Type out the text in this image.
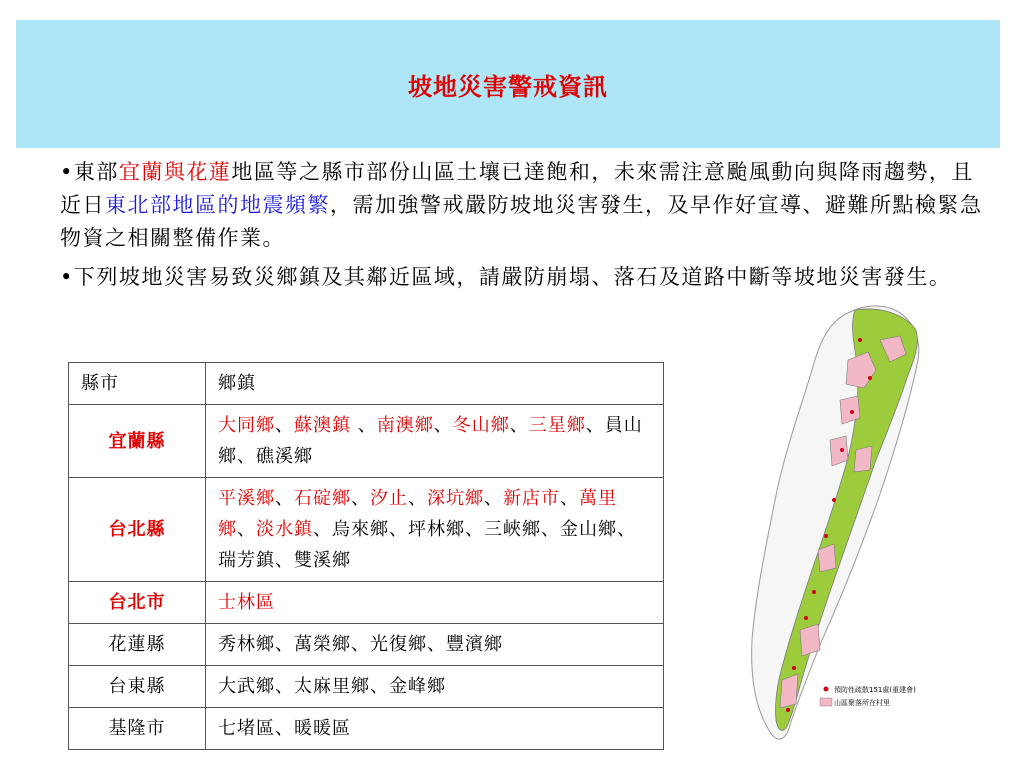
坡地災害警戒資訊
•東部宜蘭與花蓮地區等之縣市部份山區土壤已達飽和，未來需注意颱風動向與降雨趨勢，且近日東北部地區的地震頻繁，需加強警戒嚴防坡地災害發生，及早作好宣導、避難所點檢緊急物資之相關整備作業。
•下列坡地災害易致災鄉鎮及其鄰近區域，請嚴防崩塌、落石及道路中斷等坡地災害發生。
縣市	鄉鎮
宜蘭縣	大同鄉、蘇澳鎮 、南澳鄉、冬山鄉、三星鄉、員山鄉、礁溪鄉
台北縣	平溪鄉、石碇鄉、汐止、深坑鄉、新店市、萬里鄉、淡水鎮、烏來鄉、坪林鄉、三峽鄉、金山鄉、瑞芳鎮、雙溪鄉
台北市	士林區
花蓮縣	秀林鄉、萬榮鄉、光復鄉、豐濱鄉
台東縣	大武鄉、太麻里鄉、金峰鄉
基隆市	七堵區、暖暖區
預防性疏散151處(重建會)
山區聚落所在村里
